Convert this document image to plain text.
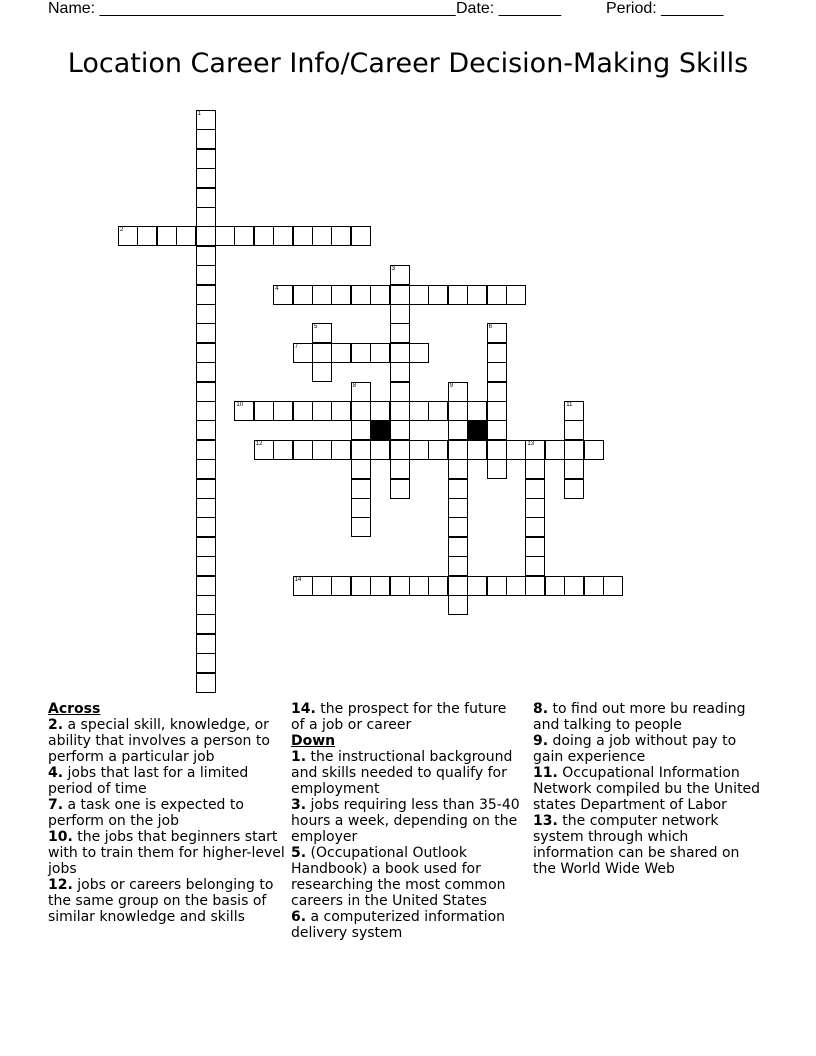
Name: ________________________________________ Date: _______	Period: _______
Location Career Info/Career Decision-Making Skills
2
4
7
10
12	13
14
1
3
5	6
8	9
11
Across
2. a special skill, knowledge, or ability that involves a person to perform a particular job
4. jobs that last for a limited period of time
7. a task one is expected to perform on the job
10. the jobs that beginners start with to train them for higher-level jobs
12. jobs or careers belonging to the same group on the basis of similar knowledge and skills
14. the prospect for the future of a job or career
Down
1. the instructional background and skills needed to qualify for employment
3. jobs requiring less than 35-40 hours a week, depending on the employer
5. (Occupational Outlook Handbook) a book used for researching the most common careers in the United States
6. a computerized information delivery system
8. to find out more bu reading and talking to people
9. doing a job without pay to gain experience
11. Occupational Information Network compiled bu the United states Department of Labor
13. the computer network system through which information can be shared on the World Wide Web
